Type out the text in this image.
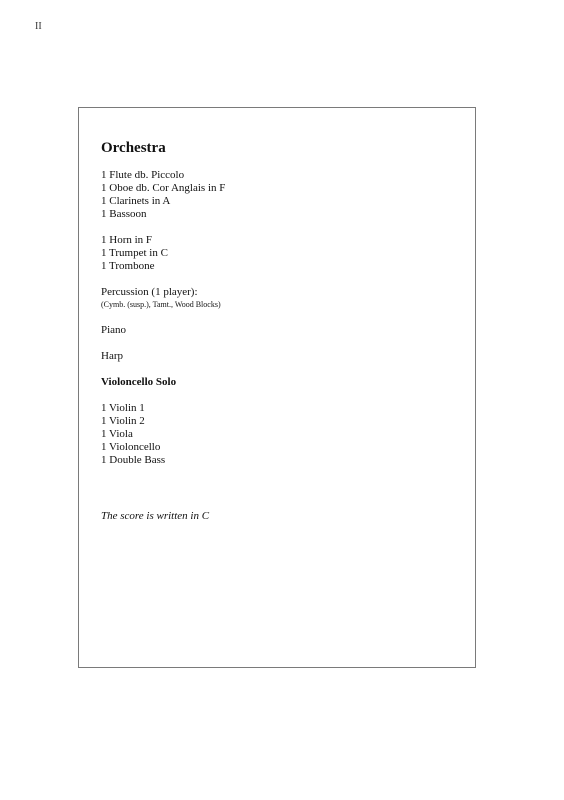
II
Orchestra
1 Flute db. Piccolo
1 Oboe db. Cor Anglais in F
1 Clarinets in A
1 Bassoon
1 Horn in F
1 Trumpet in C
1 Trombone
Percussion (1 player):
(Cymb. (susp.), Tamt., Wood Blocks)
Piano
Harp
Violoncello Solo
1 Violin 1
1 Violin 2
1 Viola
1 Violoncello
1 Double Bass
The score is written in C
